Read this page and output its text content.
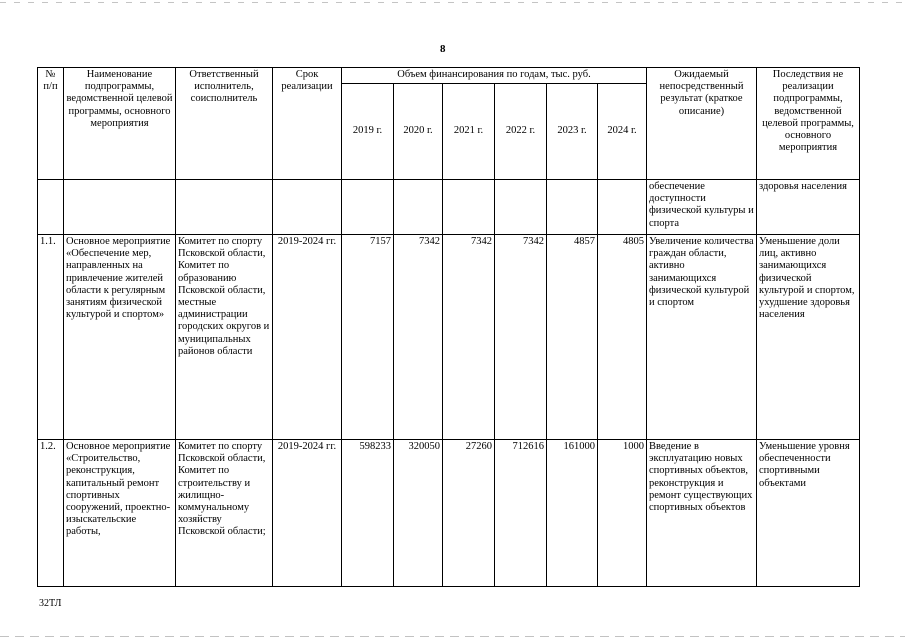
8
№ п/п	Наименование подпрограммы, ведомственной целевой программы, основного мероприятия	Ответственный исполнитель, соисполнитель	Срок реализации	Объем финансирования по годам, тыс. руб.						Ожидаемый непосредственный результат (краткое описание)	Последствия не реализации подпрограммы, ведомственной целевой программы, основного мероприятия
				2019 г.	2020 г.	2021 г.	2022 г.	2023 г.	2024 г.		
										обеспечение доступности физической культуры и спорта	здоровья населения
1.1.	Основное мероприятие «Обеспечение мер, направленных на привлечение жителей области к регулярным занятиям физической культурой и спортом»	Комитет по спорту Псковской области, Комитет по образованию Псковской области, местные администрации городских округов и муниципальных районов области	2019-2024 гг.	7157	7342	7342	7342	4857	4805	Увеличение количества граждан области, активно занимающихся физической культурой и спортом	Уменьшение доли лиц, активно занимающихся физической культурой и спортом, ухудшение здоровья населения
1.2.	Основное мероприятие «Строительство, реконструкция, капитальный ремонт спортивных сооружений, проектно-изыскательские работы,	Комитет по спорту Псковской области, Комитет по строительству и жилищно-коммунальному хозяйству Псковской области;	2019-2024 гг.	598233	320050	27260	712616	161000	1000	Введение в эксплуатацию новых спортивных объектов, реконструкция и ремонт существующих спортивных объектов	Уменьшение уровня обеспеченности спортивными объектами
32ТЛ
